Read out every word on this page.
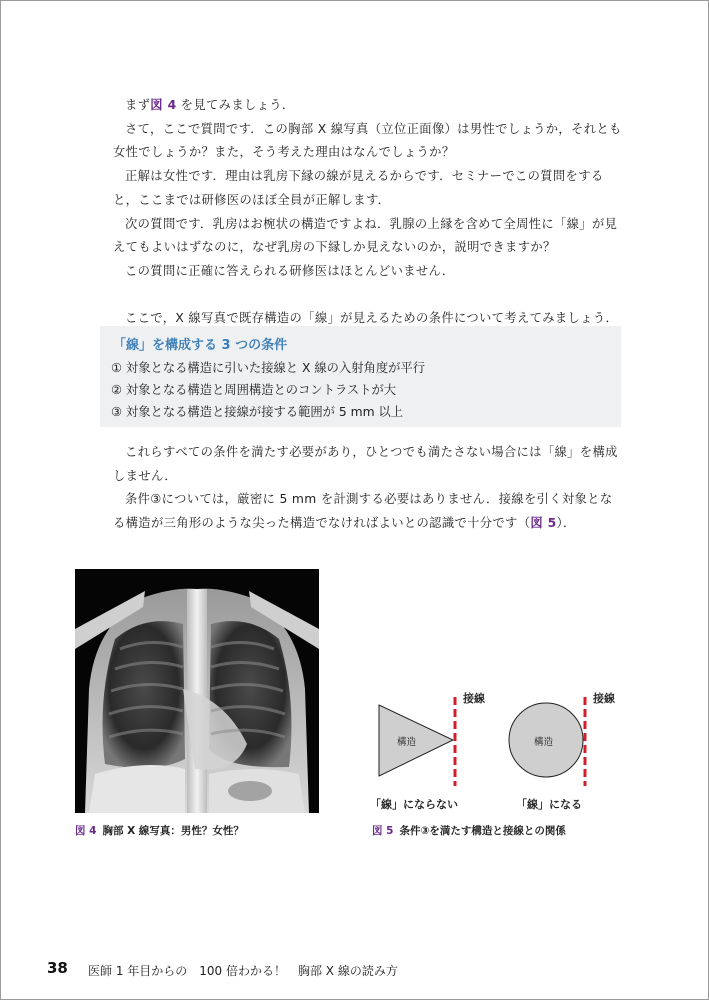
まず図 4 を見てみましょう．

さて，ここで質問です．この胸部 X 線写真（立位正面像）は男性でしょうか，それとも女性でしょうか？また，そう考えた理由はなんでしょうか？

正解は女性です．理由は乳房下縁の線が見えるからです．セミナーでこの質問をすると，ここまでは研修医のほぼ全員が正解します．

次の質問です．乳房はお椀状の構造ですよね．乳腺の上縁を含めて全周性に「線」が見えてもよいはずなのに，なぜ乳房の下縁しか見えないのか，説明できますか？

この質問に正確に答えられる研修医はほとんどいません．

ここで，X 線写真で既存構造の「線」が見えるための条件について考えてみましょう．

「線」を構成する 3 つの条件
① 対象となる構造に引いた接線と X 線の入射角度が平行
② 対象となる構造と周囲構造とのコントラストが大
③ 対象となる構造と接線が接する範囲が 5 mm 以上

これらすべての条件を満たす必要があり，ひとつでも満たさない場合には「線」を構成しません．

条件③については，厳密に 5 mm を計測する必要はありません．接線を引く対象となる構造が三角形のような尖った構造でなければよいとの認識で十分です（図 5）．

図 4 胸部 X 線写真：男性？女性？
接線	接線
構造	構造
「線」にならない	「線」になる
図 5 条件③を満たす構造と接線との関係
38 医師 1 年目からの　100 倍わかる！　胸部 X 線の読み方
